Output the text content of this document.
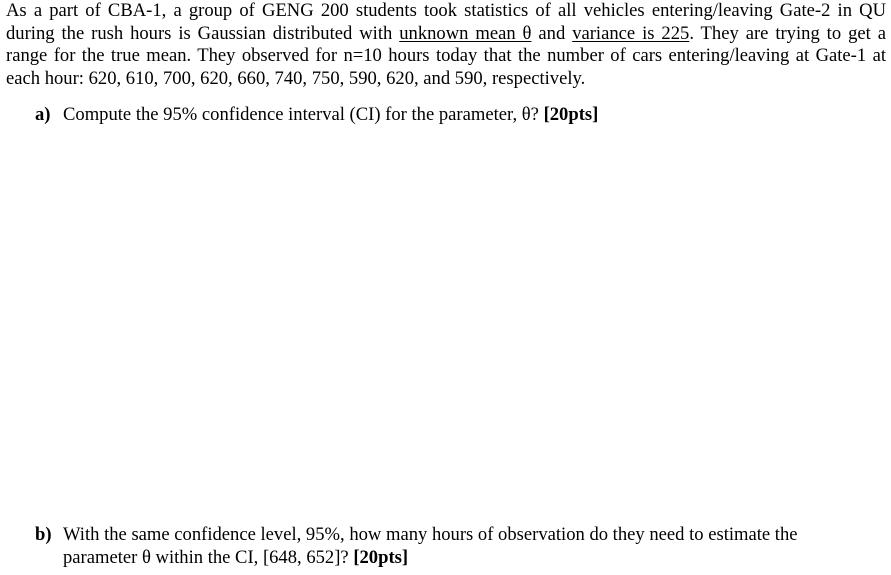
As a part of CBA-1, a group of GENG 200 students took statistics of all vehicles entering/leaving Gate-2 in QU during the rush hours is Gaussian distributed with unknown mean θ and variance is 225. They are trying to get a range for the true mean. They observed for n=10 hours today that the number of cars entering/leaving at Gate-1 at each hour: 620, 610, 700, 620, 660, 740, 750, 590, 620, and 590, respectively.
a) Compute the 95% confidence interval (CI) for the parameter, θ? [20pts]
b) With the same confidence level, 95%, how many hours of observation do they need to estimate the parameter θ within the CI, [648, 652]? [20pts]
